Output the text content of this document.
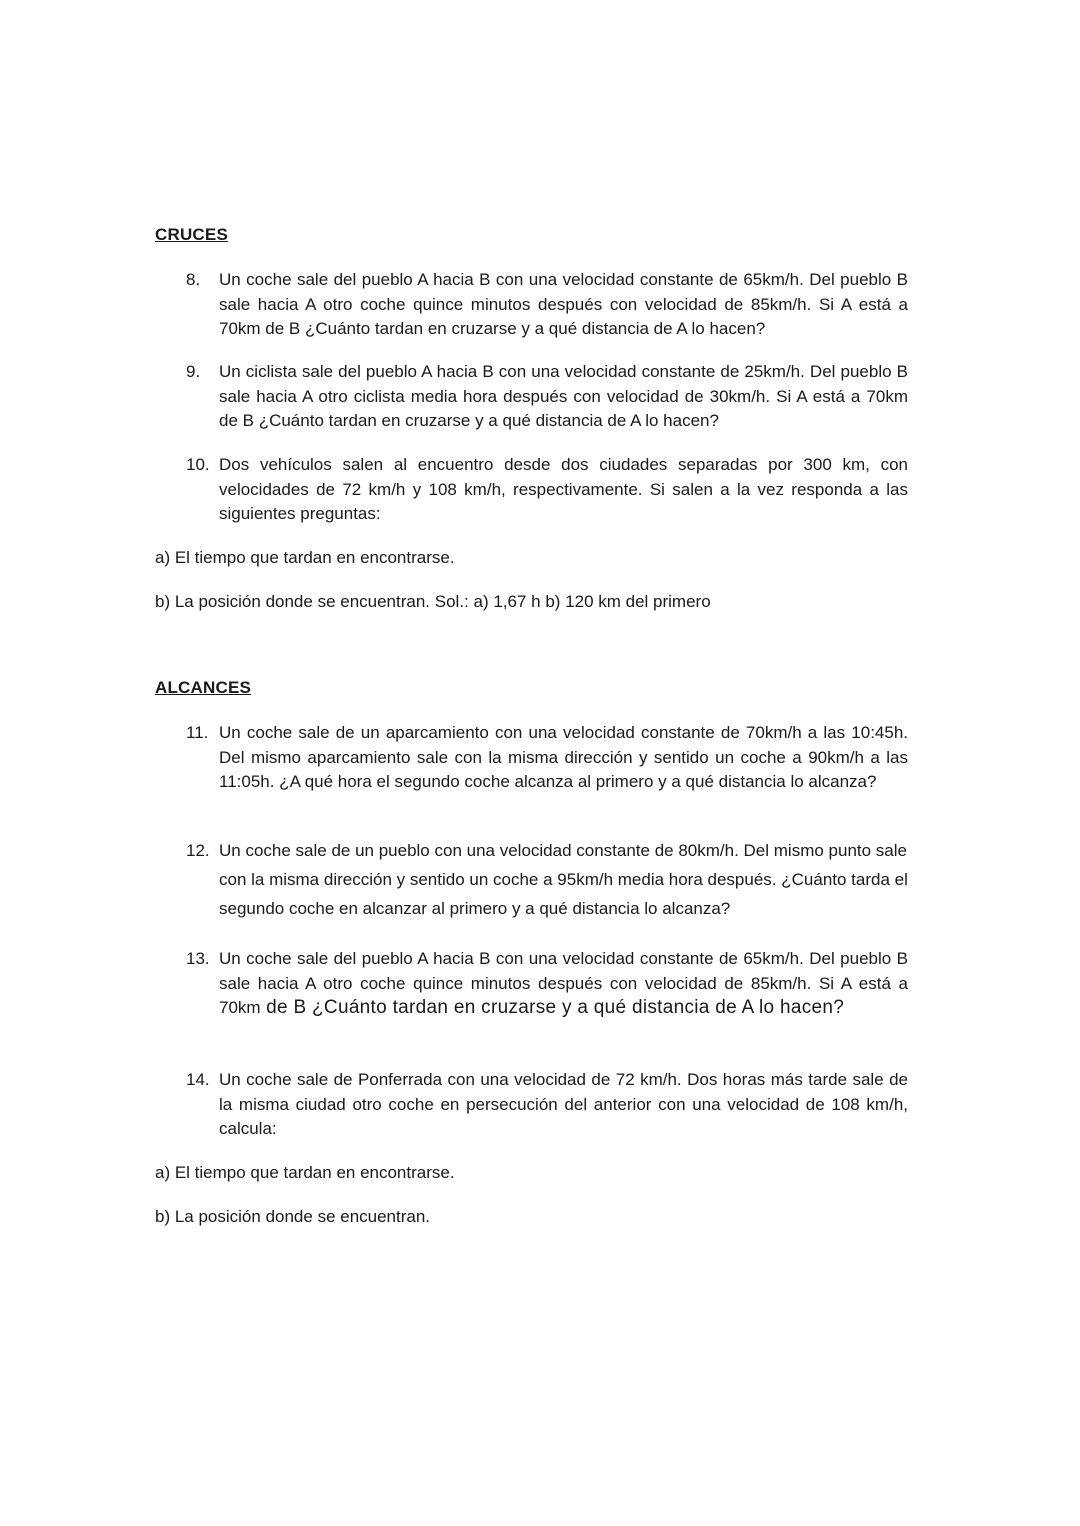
CRUCES
8.	Un coche sale del pueblo A hacia B con una velocidad constante de 65km/h. Del pueblo B sale hacia A otro coche quince minutos después con velocidad de 85km/h. Si A está a 70km de B ¿Cuánto tardan en cruzarse y a qué distancia de A lo hacen?
9.	Un ciclista sale del pueblo A hacia B con una velocidad constante de 25km/h. Del pueblo B sale hacia A otro ciclista media hora después con velocidad de 30km/h. Si A está a 70km de B ¿Cuánto tardan en cruzarse y a qué distancia de A lo hacen?
10. Dos vehículos salen al encuentro desde dos ciudades separadas por 300 km, con velocidades de 72 km/h y 108 km/h, respectivamente. Si salen a la vez responda a las siguientes preguntas:
a) El tiempo que tardan en encontrarse.
b) La posición donde se encuentran. Sol.: a) 1,67 h b) 120 km del primero
ALCANCES
11. Un coche sale de un aparcamiento con una velocidad constante de 70km/h a las 10:45h. Del mismo aparcamiento sale con la misma dirección y sentido un coche a 90km/h a las 11:05h. ¿A qué hora el segundo coche alcanza al primero y a qué distancia lo alcanza?
12. Un coche sale de un pueblo con una velocidad constante de 80km/h. Del mismo punto sale con la misma dirección y sentido un coche a 95km/h media hora después. ¿Cuánto tarda el segundo coche en alcanzar al primero y a qué distancia lo alcanza?
13. Un coche sale del pueblo A hacia B con una velocidad constante de 65km/h. Del pueblo B sale hacia A otro coche quince minutos después con velocidad de 85km/h. Si A está a 70km de B ¿Cuánto tardan en cruzarse y a qué distancia de A lo hacen?
14. Un coche sale de Ponferrada con una velocidad de 72 km/h. Dos horas más tarde sale de la misma ciudad otro coche en persecución del anterior con una velocidad de 108 km/h, calcula:
a) El tiempo que tardan en encontrarse.
b) La posición donde se encuentran.
